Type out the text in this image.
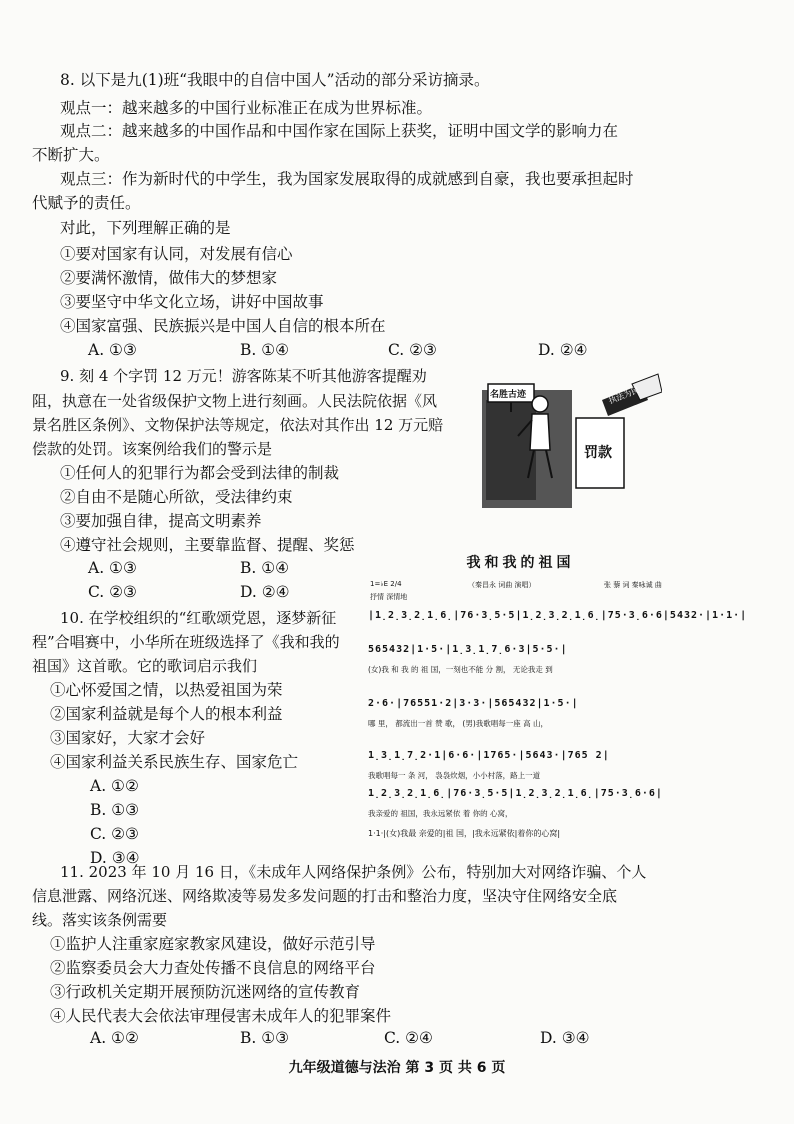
8. 以下是九(1)班“我眼中的自信中国人”活动的部分采访摘录。
观点一：越来越多的中国行业标准正在成为世界标准。
观点二：越来越多的中国作品和中国作家在国际上获奖，证明中国文学的影响力在
不断扩大。
观点三：作为新时代的中学生，我为国家发展取得的成就感到自豪，我也要承担起时
代赋予的责任。
对此，下列理解正确的是
①要对国家有认同，对发展有信心
②要满怀激情，做伟大的梦想家
③要坚守中华文化立场，讲好中国故事
④国家富强、民族振兴是中国人自信的根本所在
A. ①③	B. ①④	C. ②③	D. ②④
9. 刻 4 个字罚 12 万元！游客陈某不听其他游客提醒劝
阻，执意在一处省级保护文物上进行刻画。人民法院依据《风
景名胜区条例》、文物保护法等规定，依法对其作出 12 万元赔
偿款的处罚。该案例给我们的警示是
①任何人的犯罪行为都会受到法律的制裁
②自由不是随心所欲，受法律约束
③要加强自律，提高文明素养
④遵守社会规则，主要靠监督、提醒、奖惩
A. ①③	B. ①④
C. ②③	D. ②④
名胜古迹
罚款
执法为民
10. 在学校组织的“红歌颂党恩，逐梦新征
程”合唱赛中，小华所在班级选择了《我和我的
祖国》这首歌。它的歌词启示我们
①心怀爱国之情，以热爱祖国为荣
②国家利益就是每个人的根本利益
③国家好，大家才会好
④国家利益关系民族生存、国家危亡
A. ①②
B. ①③
C. ②③
D. ③④
我和我的祖国
1=♭E 2/4	（秦昌永 词曲 演唱）	张 藜 词 秦咏诚 曲
抒情 深情地
|1̣2̣3̣2̣1̣6̣|76·3̣5·5|1̣2̣3̣2̣1̣6̣|75·3̣6·6|5432·|1·1·|
565432|1·5·|1̣3̣1̣7̣6·3|5·5·|
(女)我 和 我 的 祖 国，一刻也不能 分 割， 无论我走 到
2·6·|76551·2|3·3·|565432|1·5·|
哪 里， 都流出一首 赞 歌， (男)我歌唱每一座 高 山，
1̣3̣1̣7̣2·1|6·6·|1765·|5643·|765 2|
我歌唱每一 条 河， 袅袅炊烟，小小村落，路上一道
1̣2̣3̣2̣1̣6̣|76·3̣5·5|1̣2̣3̣2̣1̣6̣|75·3̣6·6|
我亲爱的 祖国，我永远紧依 着 你的 心窝，
1·1·|(女)我最 亲爱的|祖 国，|我永远紧依|着你的心窝|
11. 2023 年 10 月 16 日，《未成年人网络保护条例》公布，特别加大对网络诈骗、个人
信息泄露、网络沉迷、网络欺凌等易发多发问题的打击和整治力度，坚决守住网络安全底
线。落实该条例需要
①监护人注重家庭家教家风建设，做好示范引导
②监察委员会大力查处传播不良信息的网络平台
③行政机关定期开展预防沉迷网络的宣传教育
④人民代表大会依法审理侵害未成年人的犯罪案件
A. ①②	B. ①③	C. ②④	D. ③④
九年级道德与法治 第 3 页 共 6 页
